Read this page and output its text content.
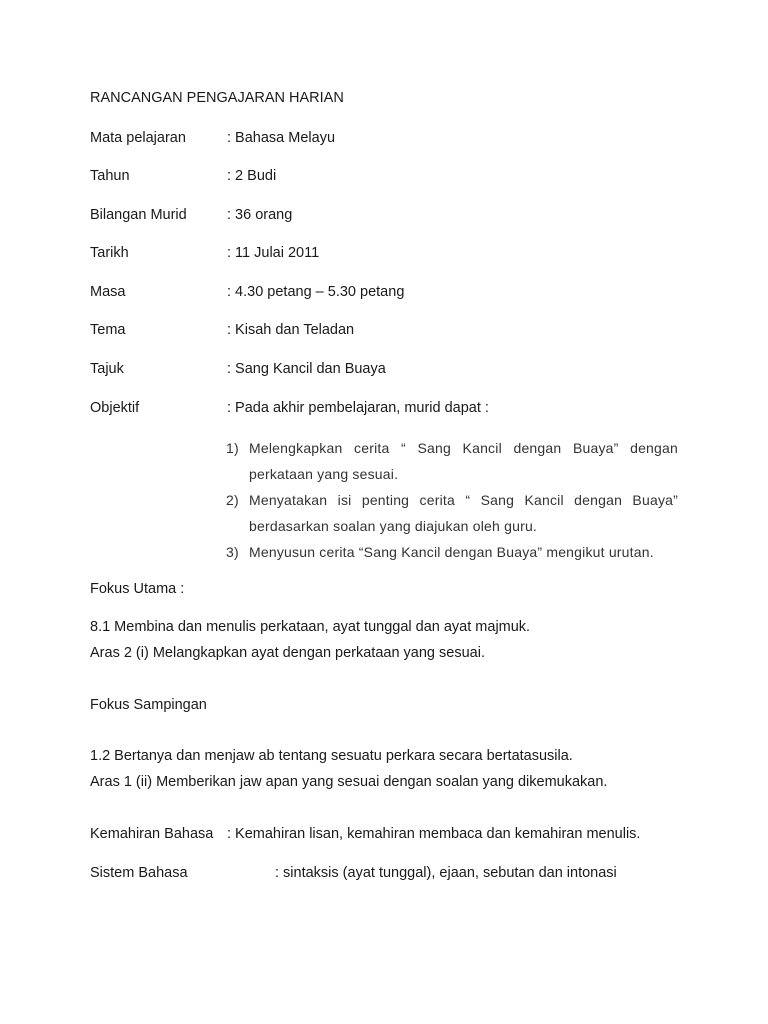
RANCANGAN PENGAJARAN HARIAN
Mata pelajaran	: Bahasa Melayu
Tahun	: 2 Budi
Bilangan Murid	: 36 orang
Tarikh	: 11 Julai 2011
Masa	: 4.30 petang – 5.30 petang
Tema	: Kisah dan Teladan
Tajuk	: Sang Kancil dan Buaya
Objektif	: Pada akhir pembelajaran, murid dapat :
1) Melengkapkan cerita “ Sang Kancil dengan Buaya” dengan
perkataan yang sesuai.
2) Menyatakan isi penting cerita “ Sang Kancil dengan Buaya”
berdasarkan soalan yang diajukan oleh guru.
3) Menyusun cerita “Sang Kancil dengan Buaya” mengikut urutan.
Fokus Utama :
8.1 Membina dan menulis perkataan, ayat tunggal dan ayat majmuk.
Aras 2 (i) Melangkapkan ayat dengan perkataan yang sesuai.
Fokus Sampingan
1.2 Bertanya dan menjaw ab tentang sesuatu perkara secara bertatasusila.
Aras 1 (ii) Memberikan jaw apan yang sesuai dengan soalan yang dikemukakan.
Kemahiran Bahasa : Kemahiran lisan, kemahiran membaca dan kemahiran menulis.
Sistem Bahasa	: sintaksis (ayat tunggal), ejaan, sebutan dan intonasi
